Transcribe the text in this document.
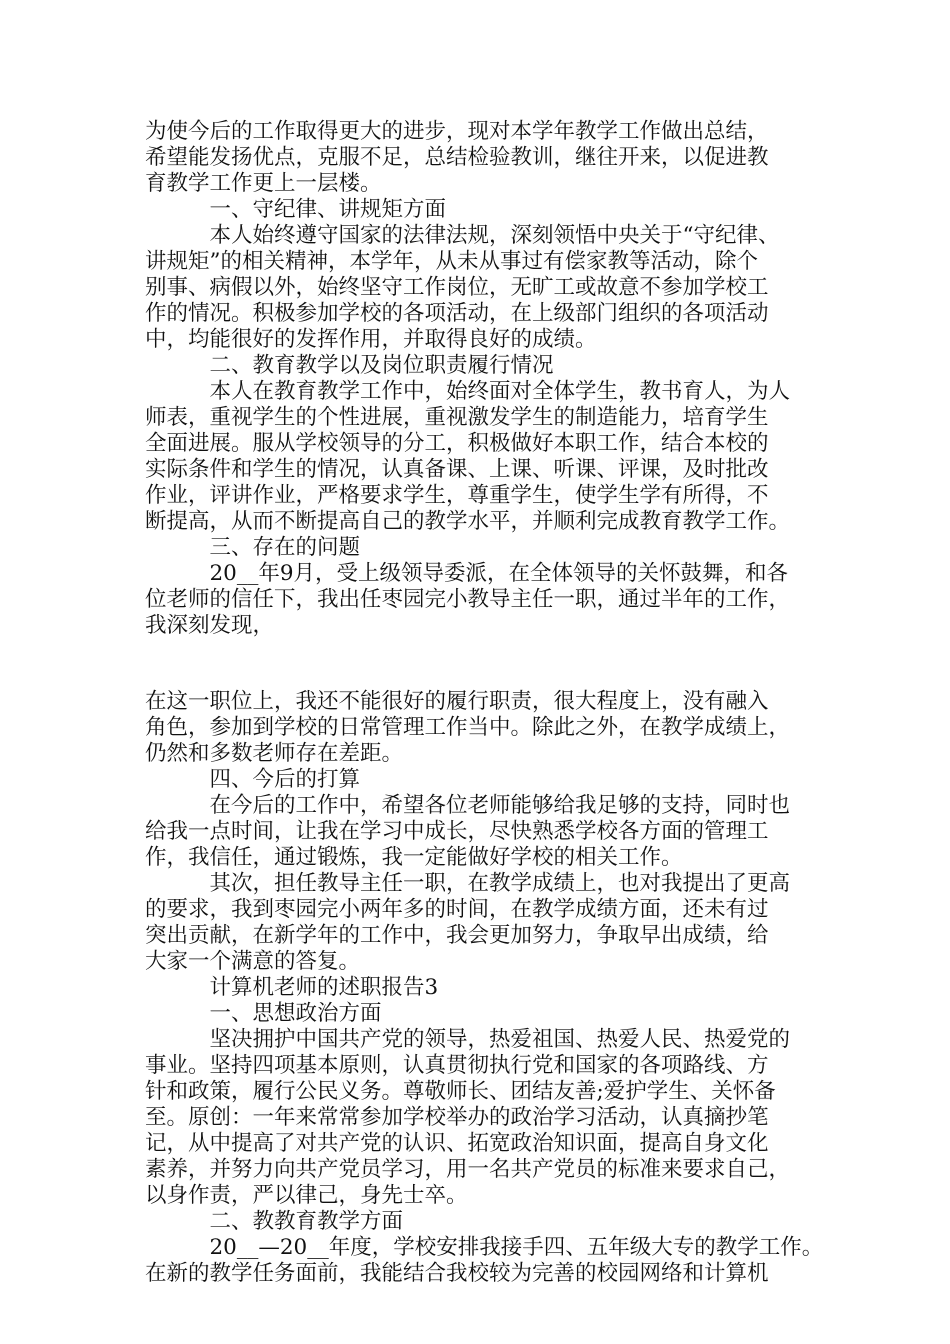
为使今后的工作取得更大的进步，现对本学年教学工作做出总结，
希望能发扬优点，克服不足，总结检验教训，继往开来，以促进教
育教学工作更上一层楼。
　　　一、守纪律、讲规矩方面
　　　本人始终遵守国家的法律法规，深刻领悟中央关于“守纪律、
讲规矩”的相关精神，本学年，从未从事过有偿家教等活动，除个
别事、病假以外，始终坚守工作岗位，无旷工或故意不参加学校工
作的情况。积极参加学校的各项活动，在上级部门组织的各项活动
中，均能很好的发挥作用，并取得良好的成绩。
　　　二、教育教学以及岗位职责履行情况
　　　本人在教育教学工作中，始终面对全体学生，教书育人，为人
师表，重视学生的个性进展，重视激发学生的制造能力，培育学生
全面进展。服从学校领导的分工，积极做好本职工作，结合本校的
实际条件和学生的情况，认真备课、上课、听课、评课，及时批改
作业，评讲作业，严格要求学生，尊重学生，使学生学有所得，不
断提高，从而不断提高自己的教学水平，并顺利完成教育教学工作。
　　　三、存在的问题
　　　20__年9月，受上级领导委派，在全体领导的关怀鼓舞，和各
位老师的信任下，我出任枣园完小教导主任一职，通过半年的工作，
我深刻发现，
在这一职位上，我还不能很好的履行职责，很大程度上，没有融入
角色，参加到学校的日常管理工作当中。除此之外，在教学成绩上，
仍然和多数老师存在差距。
　　　四、今后的打算
　　　在今后的工作中，希望各位老师能够给我足够的支持，同时也
给我一点时间，让我在学习中成长，尽快熟悉学校各方面的管理工
作，我信任，通过锻炼，我一定能做好学校的相关工作。
　　　其次，担任教导主任一职，在教学成绩上，也对我提出了更高
的要求，我到枣园完小两年多的时间，在教学成绩方面，还未有过
突出贡献，在新学年的工作中，我会更加努力，争取早出成绩，给
大家一个满意的答复。
　　　计算机老师的述职报告3
　　　一、思想政治方面
　　　坚决拥护中国共产党的领导，热爱祖国、热爱人民、热爱党的
事业。坚持四项基本原则，认真贯彻执行党和国家的各项路线、方
针和政策，履行公民义务。尊敬师长、团结友善;爱护学生、关怀备
至。原创：一年来常常参加学校举办的政治学习活动，认真摘抄笔
记，从中提高了对共产党的认识、拓宽政治知识面，提高自身文化
素养，并努力向共产党员学习，用一名共产党员的标准来要求自己，
以身作责，严以律己，身先士卒。
　　　二、教教育教学方面
　　　20__—20__年度，学校安排我接手四、五年级大专的教学工作。
在新的教学任务面前，我能结合我校较为完善的校园网络和计算机
